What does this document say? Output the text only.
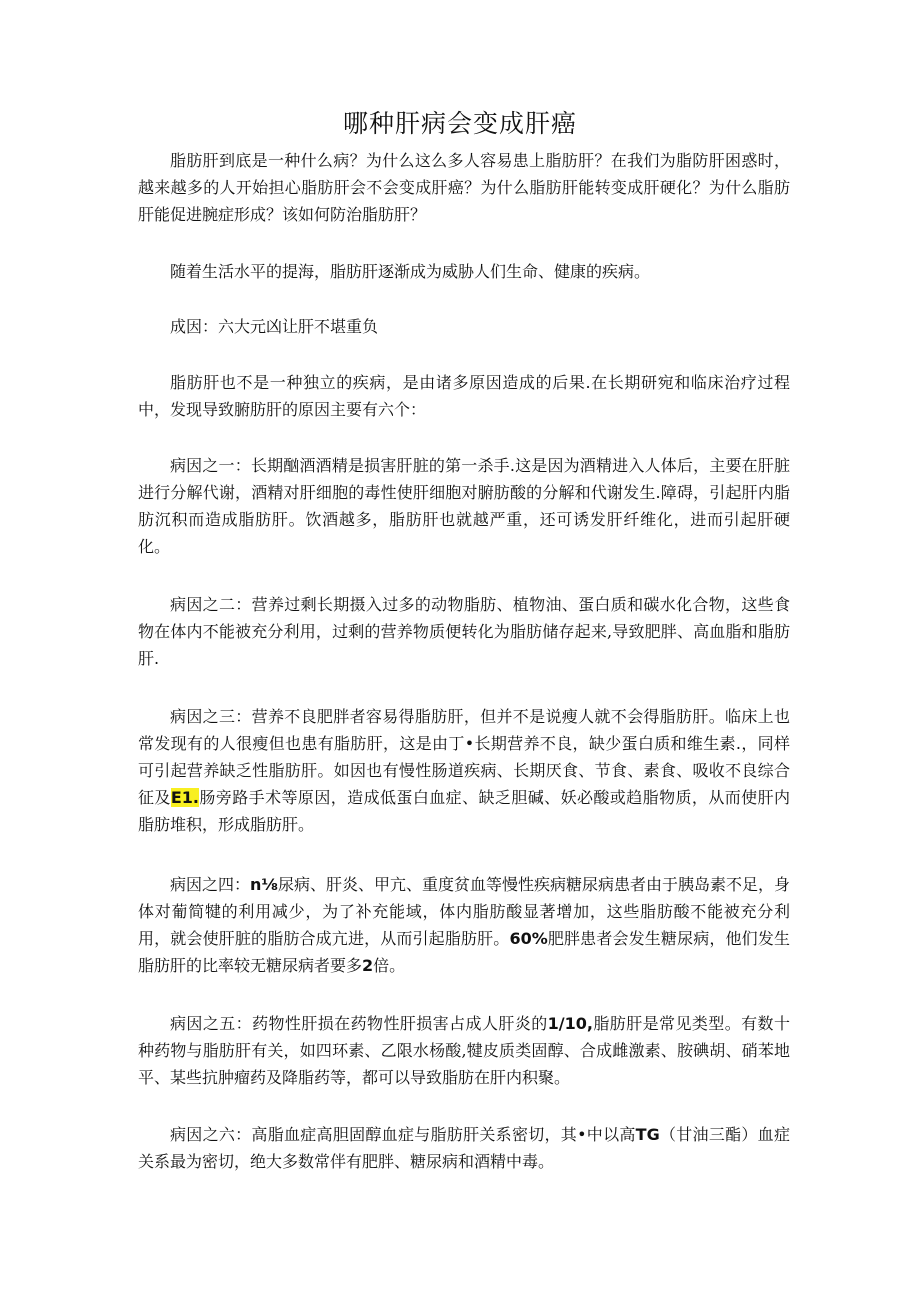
哪种肝病会变成肝癌

脂肪肝到底是一种什么病？为什么这么多人容易患上脂肪肝？在我们为脂防肝困惑时，越来越多的人开始担心脂肪肝会不会变成肝癌？为什么脂肪肝能转变成肝硬化？为什么脂肪肝能促进腕症形成？该如何防治脂肪肝？

随着生活水平的提海，脂肪肝逐渐成为威胁人们生命、健康的疾病。

成因：六大元凶让肝不堪重负

脂肪肝也不是一种独立的疾病，是由诸多原因造成的后果.在长期研宛和临床治疗过程中，发现导致腑肪肝的原因主要有六个：

病因之一：长期酗酒酒精是损害肝脏的第一杀手.这是因为酒精进入人体后，主要在肝脏进行分解代谢，酒精对肝细胞的毒性使肝细胞对腑肪酸的分解和代谢发生.障碍，引起肝内脂肪沉积而造成脂肪肝。饮酒越多，脂肪肝也就越严重，还可诱发肝纤维化，进而引起肝硬化。

病因之二：营养过剩长期摄入过多的动物脂肪、植物油、蛋白质和碳水化合物，这些食物在体内不能被充分利用，过剩的营养物质便转化为脂肪储存起来,导致肥胖、高血脂和脂肪肝.

病因之三：营养不良肥胖者容易得脂肪肝，但并不是说瘦人就不会得脂肪肝。临床上也常发现有的人很瘦但也患有脂肪肝，这是由丁•长期营养不良，缺少蛋白质和维生素.，同样可引起营养缺乏性脂肪肝。如因也有慢性肠道疾病、长期厌食、节食、素食、吸收不良综合征及E1.肠旁路手术等原因，造成低蛋白血症、缺乏胆碱、妖必酸或趋脂物质，从而使肝内脂肪堆积，形成脂肪肝。

病因之四：n⅛尿病、肝炎、甲亢、重度贫血等慢性疾病糖尿病患者由于胰岛素不足，身体对葡简犍的利用减少，为了补充能域，体内脂肪酸显著增加，这些脂肪酸不能被充分利用，就会使肝脏的脂肪合成亢进，从而引起脂肪肝。60%肥胖患者会发生糖尿病，他们发生脂肪肝的比率较无糖尿病者要多2倍。

病因之五：药物性肝损在药物性肝损害占成人肝炎的1/10,脂肪肝是常见类型。有数十种药物与脂肪肝有关，如四环素、乙限水杨酸,犍皮质类固醇、合成雌激素、胺碘胡、硝苯地平、某些抗肿瘤药及降脂药等，都可以导致脂肪在肝内积聚。

病因之六：高脂血症高胆固醇血症与脂肪肝关系密切，其•中以高TG（甘油三酯）血症关系最为密切，绝大多数常伴有肥胖、糖尿病和酒精中毒。
